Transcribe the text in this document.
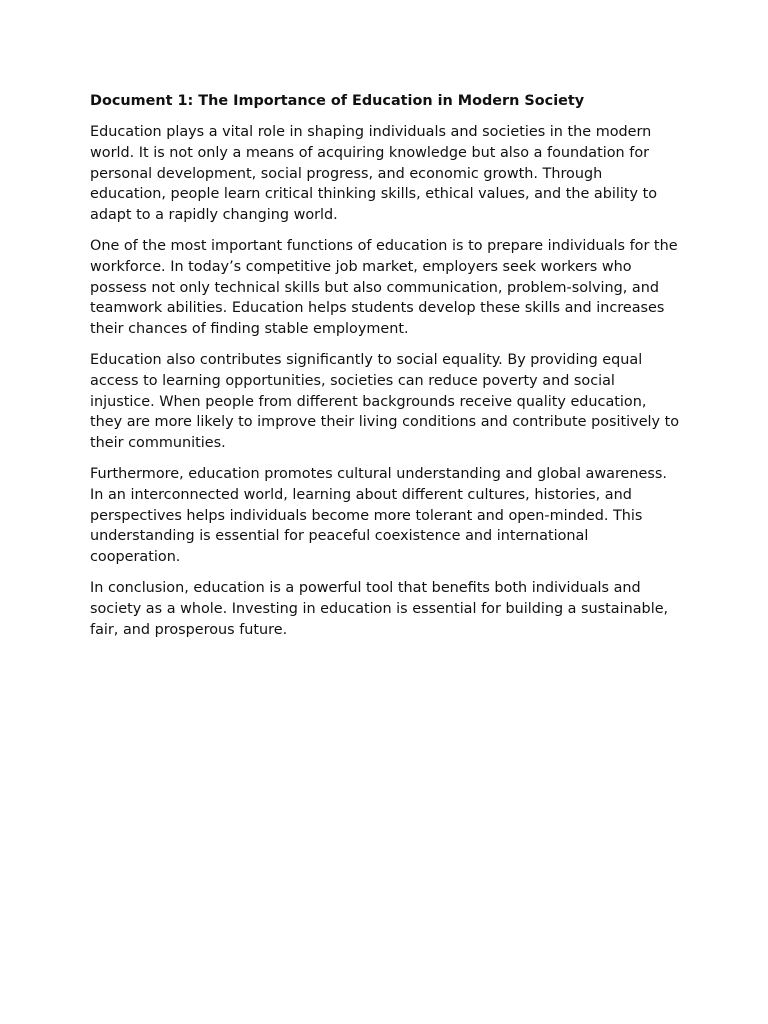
Document 1: The Importance of Education in Modern Society

Education plays a vital role in shaping individuals and societies in the modern world. It is not only a means of acquiring knowledge but also a foundation for personal development, social progress, and economic growth. Through education, people learn critical thinking skills, ethical values, and the ability to adapt to a rapidly changing world.

One of the most important functions of education is to prepare individuals for the workforce. In today’s competitive job market, employers seek workers who possess not only technical skills but also communication, problem-solving, and teamwork abilities. Education helps students develop these skills and increases their chances of finding stable employment.

Education also contributes significantly to social equality. By providing equal access to learning opportunities, societies can reduce poverty and social injustice. When people from different backgrounds receive quality education, they are more likely to improve their living conditions and contribute positively to their communities.

Furthermore, education promotes cultural understanding and global awareness. In an interconnected world, learning about different cultures, histories, and perspectives helps individuals become more tolerant and open-minded. This understanding is essential for peaceful coexistence and international cooperation.

In conclusion, education is a powerful tool that benefits both individuals and society as a whole. Investing in education is essential for building a sustainable, fair, and prosperous future.
